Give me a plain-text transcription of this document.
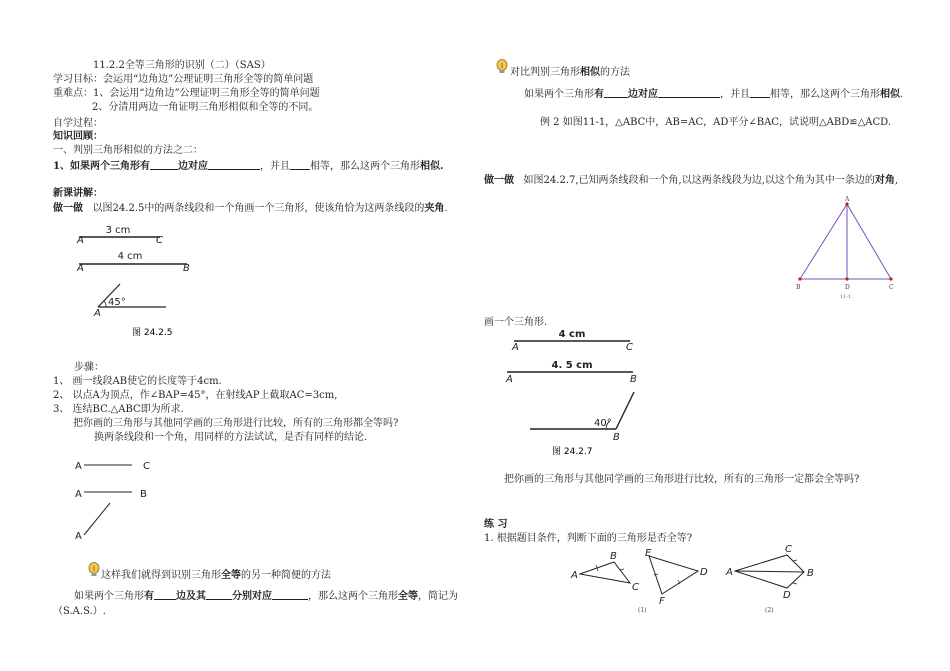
11.2.2全等三角形的识别（二）（SAS）
学习目标：会运用“边角边”公理证明三角形全等的简单问题
重难点：1、会运用“边角边”公理证明三角形全等的简单问题
2、分清用两边一角证明三角形相似和全等的不同。
自学过程：
知识回顾：
一、判别三角形相似的方法之二：
1、如果两个三角形有	边对应	，并且 相等，那么这两个三角形相似.
新课讲解：
做一做 以图24.2.5中的两条线段和一个角画一个三角形，使该角恰为这两条线段的夹角.
3 cm
A	C
4 cm
A	B
45°
A
图 24.2.5
步骤：
1、 画一线段AB使它的长度等于4cm.
2、 以点A为顶点，作∠BAP=45°，在射线AP上截取AC=3cm,
3、 连结BC.△ABC即为所求.
把你画的三角形与其他同学画的三角形进行比较，所有的三角形都全等吗?
换两条线段和一个角，用同样的方法试试，是否有同样的结论.
A	C
A	B
A
这样我们就得到识别三角形全等的另一种简便的方法
如果两个三角形有 边及其	分别对应	，那么这两个三角形全等，简记为
（S.A.S.）.
对比判别三角形相似的方法
如果两个三角形有 边对应	，并且 相等，那么这两个三角形相似.
例 2 如图11-1，△ABC中，AB=AC，AD平分∠BAC，试说明△ABD≌△ACD.
做一做 如图24.2.7,已知两条线段和一个角,以这两条线段为边,以这个角为其中一条边的对角,
A
B	D	C
11-1
画一个三角形.
4 cm
A	C
4. 5 cm
A	B
40°
B
图 24.2.7
把你画的三角形与其他同学画的三角形进行比较，所有的三角形一定都会全等吗?
练 习
1. 根据题目条件，判断下面的三角形是否全等?
A
B
C
E
F
D
(1)
A
C
B
D
(2)
